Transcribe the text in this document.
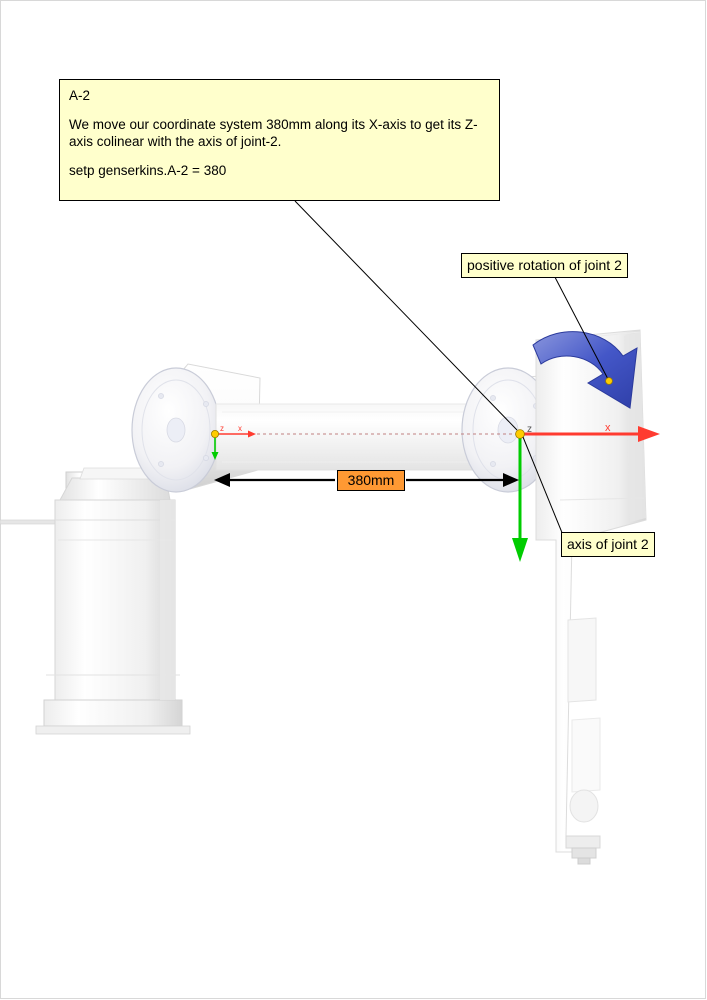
z x	z	x
A-2
We move our coordinate system 380mm along its X-axis to get its Z-axis colinear with the axis of joint-2.
setp genserkins.A-2 = 380
positive rotation of joint 2
axis of joint 2
380mm
